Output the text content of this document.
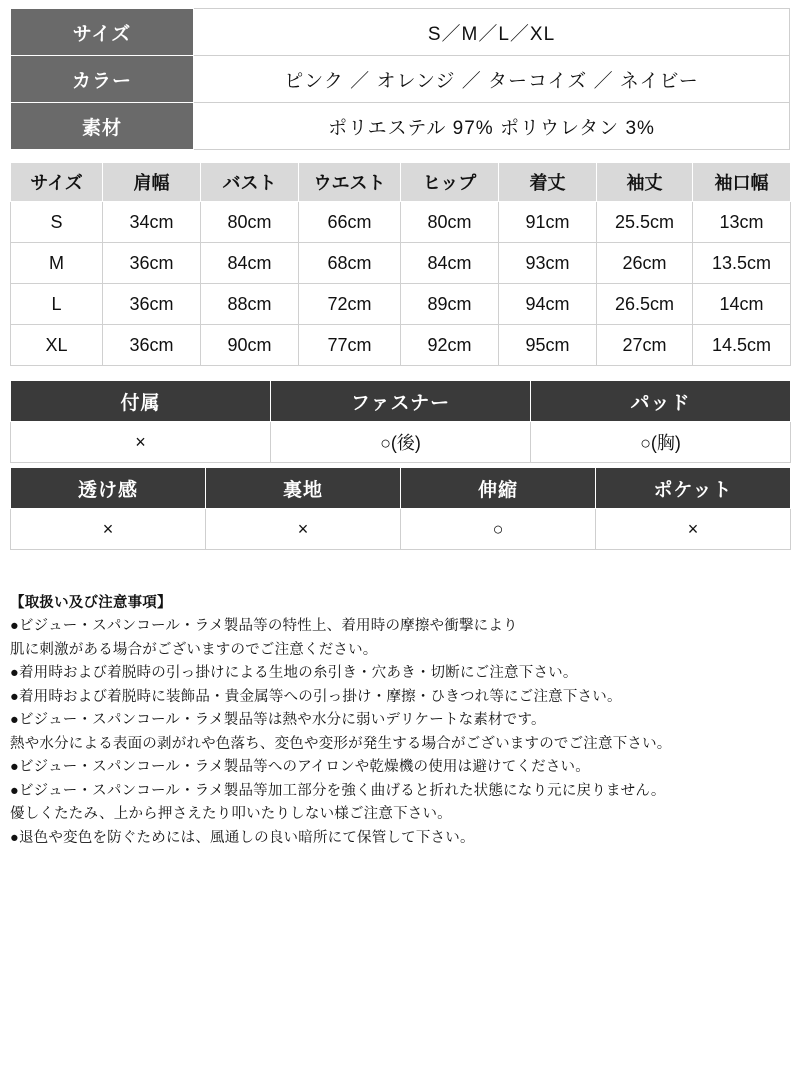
サイズ	S／M／L／XL
カラー	ピンク ／ オレンジ ／ ターコイズ ／ ネイビー
素材	ポリエステル 97% ポリウレタン 3%
サイズ	肩幅	バスト	ウエスト	ヒップ	着丈	袖丈	袖口幅
S	34cm	80cm	66cm	80cm	91cm	25.5cm	13cm
M	36cm	84cm	68cm	84cm	93cm	26cm	13.5cm
L	36cm	88cm	72cm	89cm	94cm	26.5cm	14cm
XL	36cm	90cm	77cm	92cm	95cm	27cm	14.5cm
付属	ファスナー	パッド
×	○(後)	○(胸)
透け感	裏地	伸縮	ポケット
×	×	○	×
【取扱い及び注意事項】
●ビジュー・スパンコール・ラメ製品等の特性上、着用時の摩擦や衝撃により
肌に刺激がある場合がございますのでご注意ください。
●着用時および着脱時の引っ掛けによる生地の糸引き・穴あき・切断にご注意下さい。
●着用時および着脱時に装飾品・貴金属等への引っ掛け・摩擦・ひきつれ等にご注意下さい。
●ビジュー・スパンコール・ラメ製品等は熱や水分に弱いデリケートな素材です。
熱や水分による表面の剥がれや色落ち、変色や変形が発生する場合がございますのでご注意下さい。
●ビジュー・スパンコール・ラメ製品等へのアイロンや乾燥機の使用は避けてください。
●ビジュー・スパンコール・ラメ製品等加工部分を強く曲げると折れた状態になり元に戻りません。
優しくたたみ、上から押さえたり叩いたりしない様ご注意下さい。
●退色や変色を防ぐためには、風通しの良い暗所にて保管して下さい。
